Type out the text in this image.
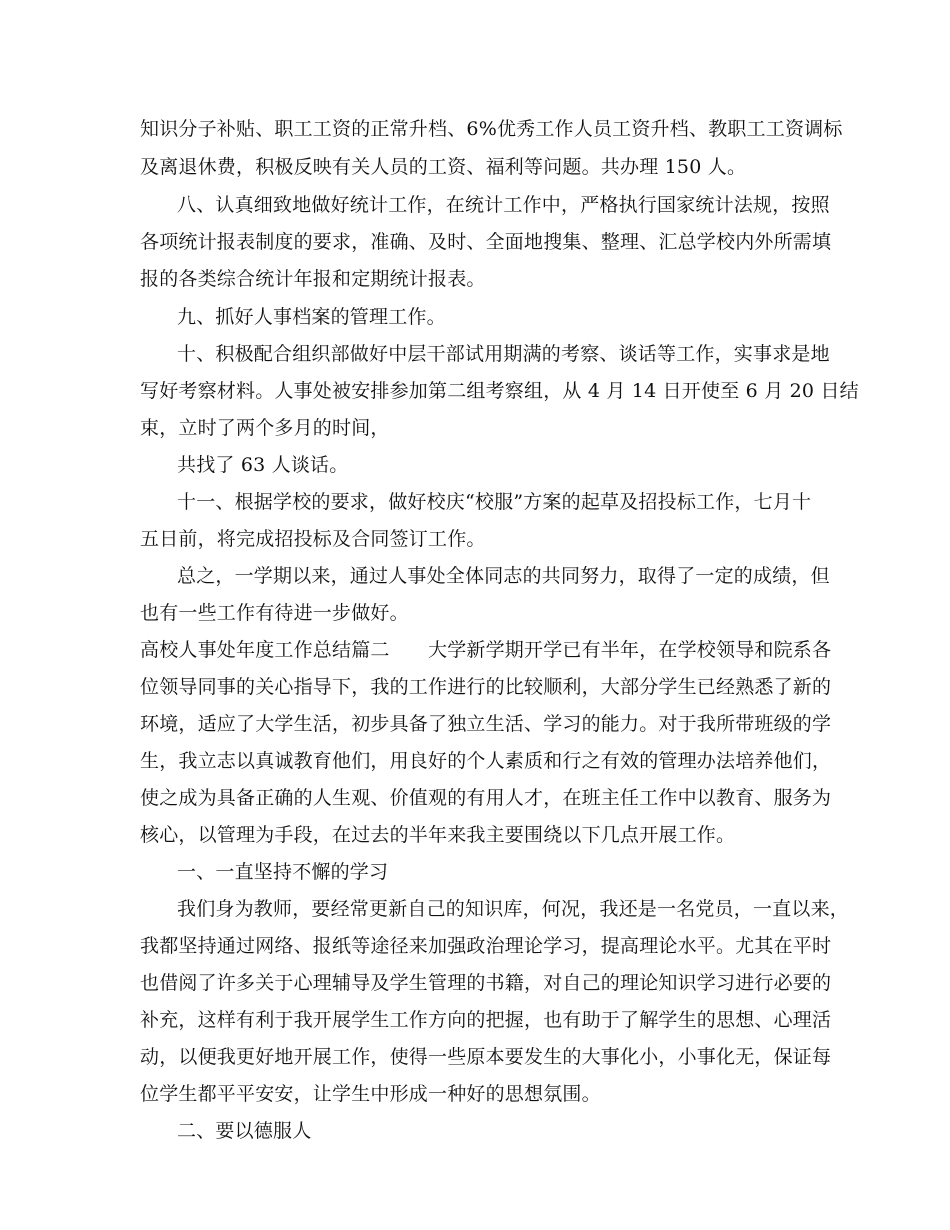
知识分子补贴、职工工资的正常升档、6%优秀工作人员工资升档、教职工工资调标
及离退休费，积极反映有关人员的工资、福利等问题。共办理 150 人。
八、认真细致地做好统计工作，在统计工作中，严格执行国家统计法规，按照
各项统计报表制度的要求，准确、及时、全面地搜集、整理、汇总学校内外所需填
报的各类综合统计年报和定期统计报表。
九、抓好人事档案的管理工作。
十、积极配合组织部做好中层干部试用期满的考察、谈话等工作，实事求是地
写好考察材料。人事处被安排参加第二组考察组，从 4 月 14 日开使至 6 月 20 日结
束，立时了两个多月的时间，
共找了 63 人谈话。
十一、根据学校的要求，做好校庆“校服”方案的起草及招投标工作，七月十
五日前，将完成招投标及合同签订工作。
总之，一学期以来，通过人事处全体同志的共同努力，取得了一定的成绩，但
也有一些工作有待进一步做好。
高校人事处年度工作总结篇二　　大学新学期开学已有半年，在学校领导和院系各
位领导同事的关心指导下，我的工作进行的比较顺利，大部分学生已经熟悉了新的
环境，适应了大学生活，初步具备了独立生活、学习的能力。对于我所带班级的学
生，我立志以真诚教育他们，用良好的个人素质和行之有效的管理办法培养他们，
使之成为具备正确的人生观、价值观的有用人才，在班主任工作中以教育、服务为
核心，以管理为手段，在过去的半年来我主要围绕以下几点开展工作。
一、一直坚持不懈的学习
我们身为教师，要经常更新自己的知识库，何况，我还是一名党员，一直以来，
我都坚持通过网络、报纸等途径来加强政治理论学习，提高理论水平。尤其在平时
也借阅了许多关于心理辅导及学生管理的书籍，对自己的理论知识学习进行必要的
补充，这样有利于我开展学生工作方向的把握，也有助于了解学生的思想、心理活
动，以便我更好地开展工作，使得一些原本要发生的大事化小，小事化无，保证每
位学生都平平安安，让学生中形成一种好的思想氛围。
二、要以德服人
